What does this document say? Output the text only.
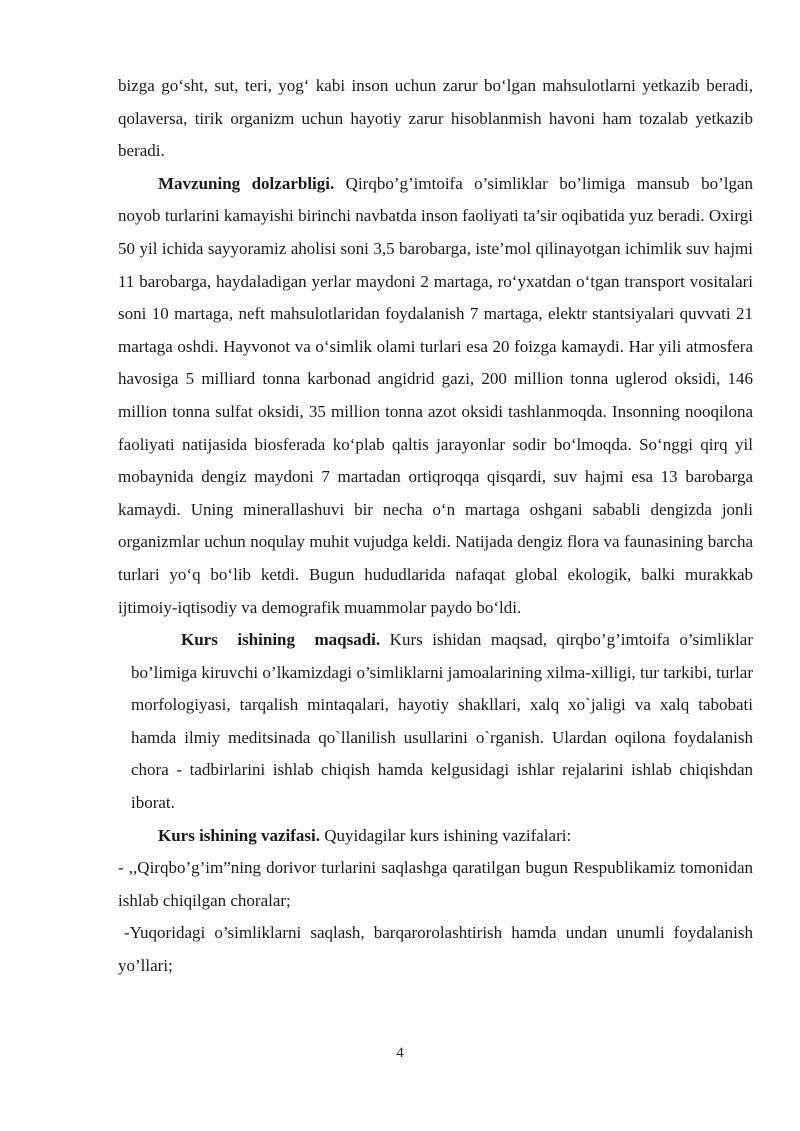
bizga go‘sht, sut, teri, yog‘ kabi inson uchun zarur bo‘lgan mahsulotlarni yetkazib beradi, qolaversa, tirik organizm uchun hayotiy zarur hisoblanmish havoni ham tozalab yetkazib beradi.

Mavzuning dolzarbligi. Qirqbo’g’imtoifa o’simliklar bo’limiga mansub bo’lgan noyob turlarini kamayishi birinchi navbatda inson faoliyati ta’sir oqibatida yuz beradi. Oxirgi 50 yil ichida sayyoramiz aholisi soni 3,5 barobarga, iste’mol qilinayotgan ichimlik suv hajmi 11 barobarga, haydaladigan yerlar maydoni 2 martaga, ro‘yxatdan o‘tgan transport vositalari soni 10 martaga, neft mahsulotlaridan foydalanish 7 martaga, elektr stantsiyalari quvvati 21 martaga oshdi. Hayvonot va o‘simlik olami turlari esa 20 foizga kamaydi. Har yili atmosfera havosiga 5 milliard tonna karbonad angidrid gazi, 200 million tonna uglerod oksidi, 146 million tonna sulfat oksidi, 35 million tonna azot oksidi tashlanmoqda. Insonning nooqilona faoliyati natijasida biosferada ko‘plab qaltis jarayonlar sodir bo‘lmoqda. So‘nggi qirq yil mobaynida dengiz maydoni 7 martadan ortiqroqqa qisqardi, suv hajmi esa 13 barobarga kamaydi. Uning minerallashuvi bir necha o‘n martaga oshgani sababli dengizda jonli organizmlar uchun noqulay muhit vujudga keldi. Natijada dengiz flora va faunasining barcha turlari yo‘q bo‘lib ketdi. Bugun hududlarida nafaqat global ekologik, balki murakkab ijtimoiy-iqtisodiy va demografik muammolar paydo bo‘ldi.

Kurs ishining maqsadi. Kurs ishidan maqsad, qirqbo’g’imtoifa o’simliklar bo’limiga kiruvchi o’lkamizdagi o’simliklarni jamoalarining xilma-xilligi, tur tarkibi, turlar morfologiyasi, tarqalish mintaqalari, hayotiy shakllari, xalq xo`jaligi va xalq tabobati hamda ilmiy meditsinada qo`llanilish usullarini o`rganish. Ulardan oqilona foydalanish chora - tadbirlarini ishlab chiqish hamda kelgusidagi ishlar rejalarini ishlab chiqishdan iborat.

Kurs ishining vazifasi. Quyidagilar kurs ishining vazifalari:

- ,,Qirqbo’g’im”ning dorivor turlarini saqlashga qaratilgan bugun Respublikamiz tomonidan ishlab chiqilgan choralar;

-Yuqoridagi o’simliklarni saqlash, barqarorolashtirish hamda undan unumli foydalanish yo’llari;

4
